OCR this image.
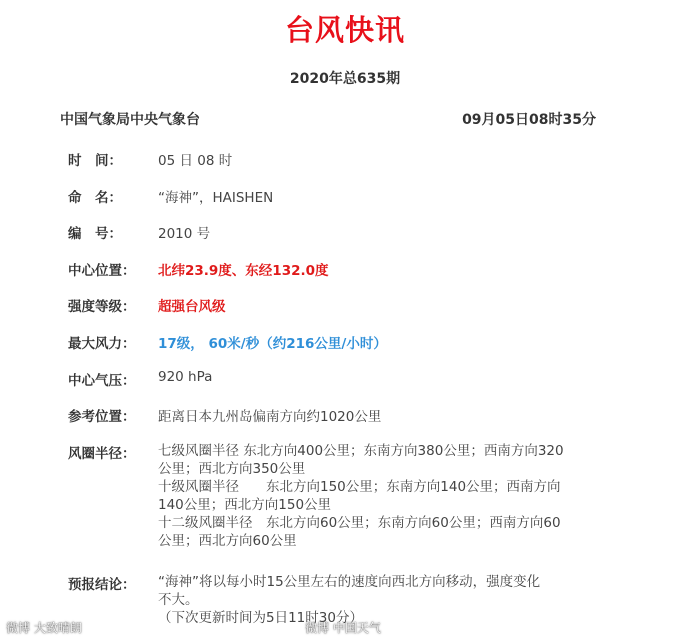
台风快讯
2020年总635期
中国气象局中央气象台	09月05日08时35分
时　间：	05 日 08 时
命　名：	“海神”，HAISHEN
编　号：	2010 号
中心位置： 北纬23.9度、东经132.0度
强度等级： 超强台风级
最大风力： 17级， 60米/秒（约216公里/小时）
中心气压： 920 hPa
参考位置： 距离日本九州岛偏南方向约1020公里
风圈半径： 七级风圈半径 东北方向400公里；东南方向380公里；西南方向320
公里；西北方向350公里
十级风圈半径　　东北方向150公里；东南方向140公里；西南方向
140公里；西北方向150公里
十二级风圈半径　东北方向60公里；东南方向60公里；西南方向60
公里；西北方向60公里
预报结论： “海神”将以每小时15公里左右的速度向西北方向移动，强度变化
不大。
（下次更新时间为5日11时30分）
微博 大致晴朗	微博 中国天气
